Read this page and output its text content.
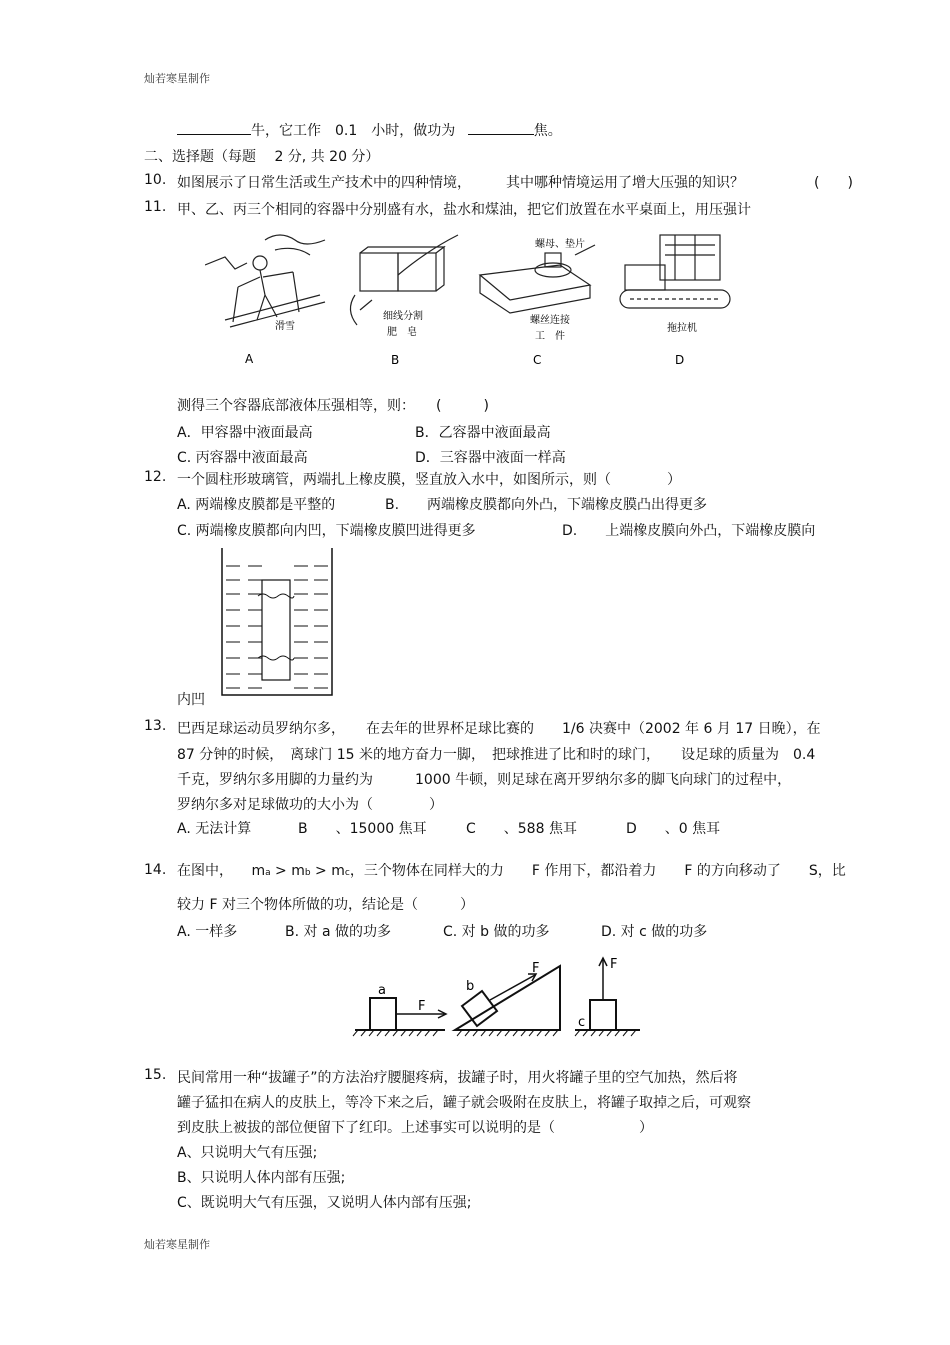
灿若寒星制作
灿若寒星制作
牛，它工作　0.1　小时，做功为	焦。
二、选择题（每题　 2 分, 共 20 分）
10. 如图展示了日常生活或生产技术中的四种情境，　　　其中哪种情境运用了增大压强的知识？	(　　)
11. 甲、乙、丙三个相同的容器中分别盛有水，盐水和煤油，把它们放置在水平桌面上，用压强计
滑雪
细线分割
肥　皂
螺母、垫片
螺丝连接
工　件
拖拉机
A	B	C	D
测得三个容器底部液体压强相等，则：　　(　　　)
A．甲容器中液面最高	B．乙容器中液面最高
C. 丙容器中液面最高	D．三容器中液面一样高
12. 一个圆柱形玻璃管，两端扎上橡皮膜，竖直放入水中，如图所示，则（　　　　）
A. 两端橡皮膜都是平整的	B.　　两端橡皮膜都向外凸，下端橡皮膜凸出得更多
C. 两端橡皮膜都向内凹，下端橡皮膜凹进得更多	D.　　上端橡皮膜向外凸，下端橡皮膜向
内凹
13. 巴西足球运动员罗纳尔多，　　在去年的世界杯足球比赛的　　1/6 决赛中（2002 年 6 月 17 日晚），在
87 分钟的时候，　离球门 15 米的地方奋力一脚，　把球推进了比和时的球门，　　设足球的质量为　0.4
千克，罗纳尔多用脚的力量约为　　　1000 牛顿，则足球在离开罗纳尔多的脚飞向球门的过程中，
罗纳尔多对足球做功的大小为（　　　　）
A. 无法计算	B　　、15000 焦耳	C　　、588 焦耳	D　　、0 焦耳
14. 在图中， ma > mb > mc，三个物体在同样大的力　　F 作用下，都沿着力　　F 的方向移动了　　S，比
较力 F 对三个物体所做的功，结论是（　　　）
A. 一样多	B. 对 a 做的功多	C. 对 b 做的功多	D. 对 c 做的功多
a
F
b
F
c
F
15. 民间常用一种“拔罐子”的方法治疗腰腿疼病，拔罐子时，用火将罐子里的空气加热，然后将
罐子猛扣在病人的皮肤上，等冷下来之后，罐子就会吸附在皮肤上，将罐子取掉之后，可观察
到皮肤上被拔的部位便留下了红印。上述事实可以说明的是（　　　　　　）
A、只说明大气有压强;
B、只说明人体内部有压强;
C、既说明大气有压强，又说明人体内部有压强;
